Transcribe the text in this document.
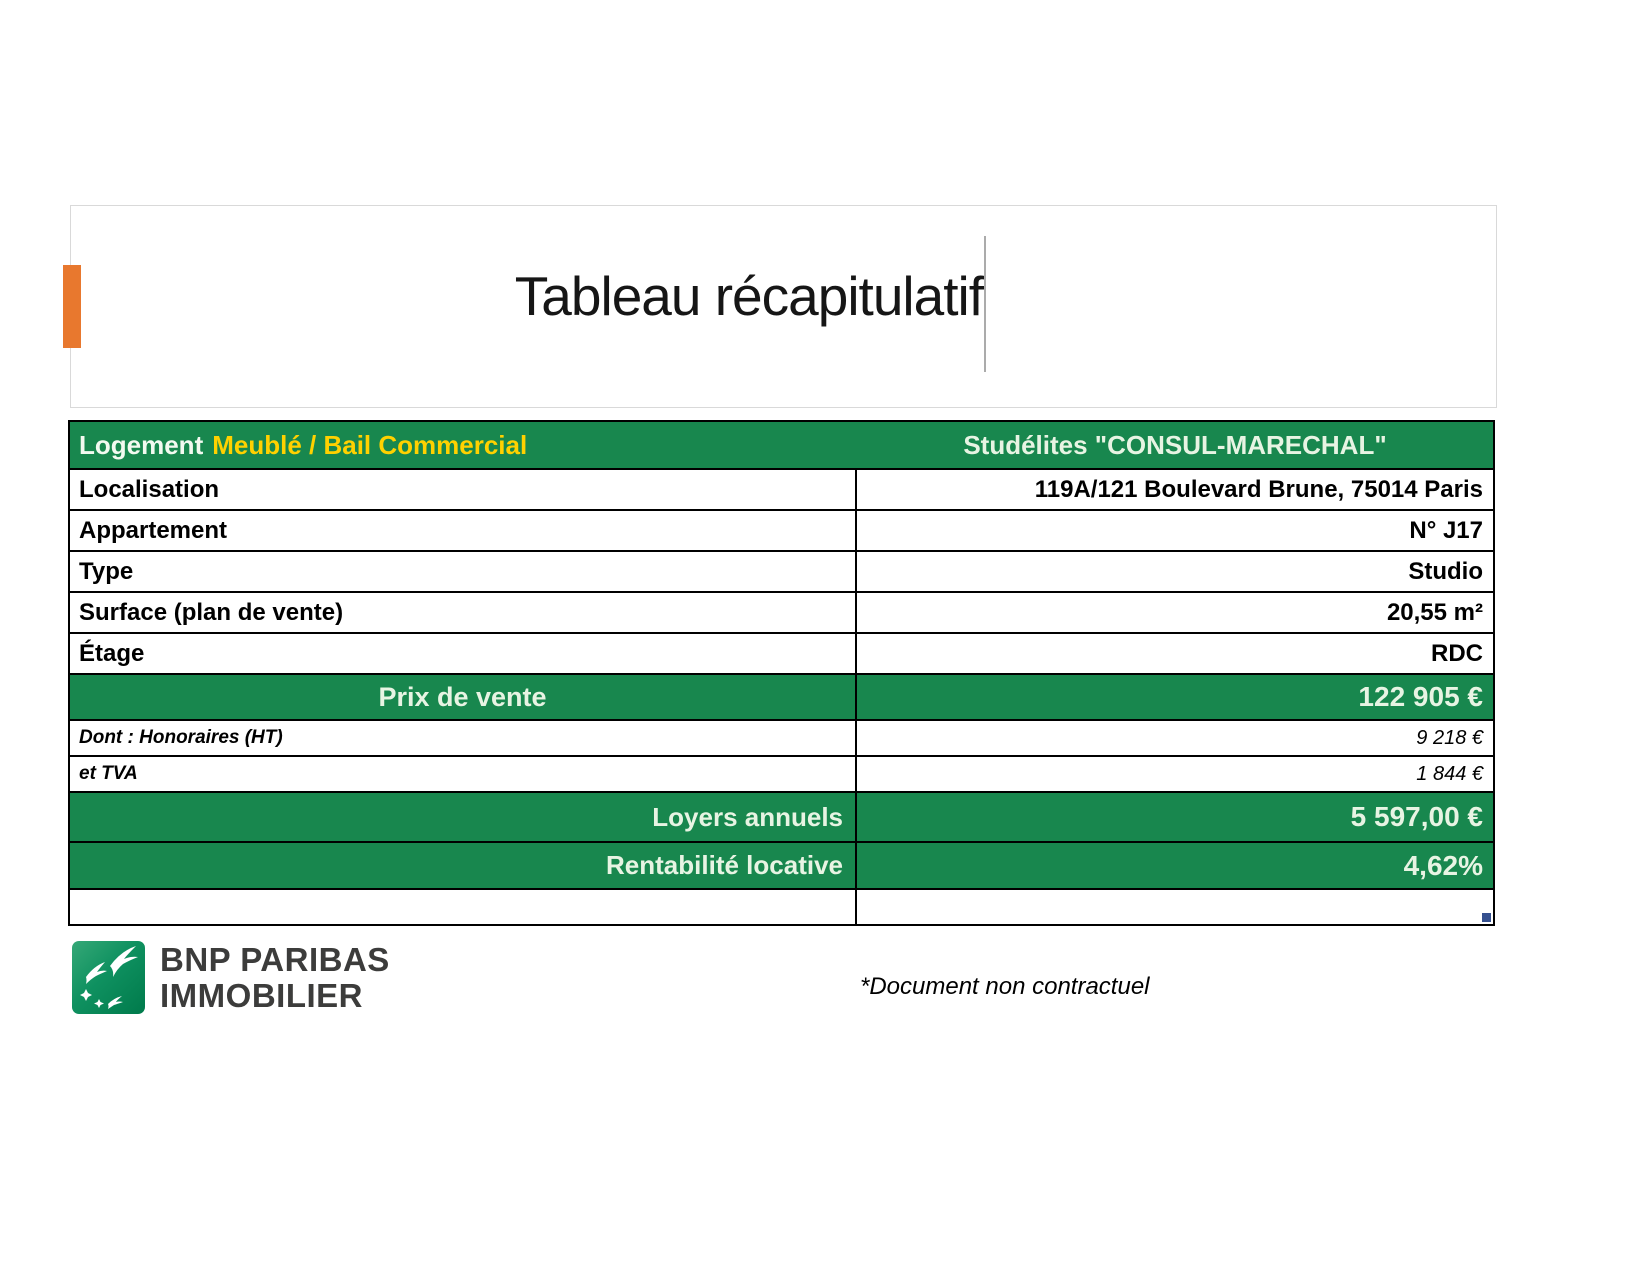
Tableau récapitulatif
Logement Meublé / Bail Commercial	Studélites "CONSUL-MARECHAL"
Localisation	119A/121 Boulevard Brune, 75014 Paris
Appartement	N° J17
Type	Studio
Surface (plan de vente)	20,55 m²
Étage	RDC
Prix de vente	122 905 €
Dont : Honoraires (HT)	9 218 €
et TVA	1 844 €
Loyers annuels	5 597,00 €
Rentabilité locative	4,62%
BNP PARIBAS
IMMOBILIER	*Document non contractuel
